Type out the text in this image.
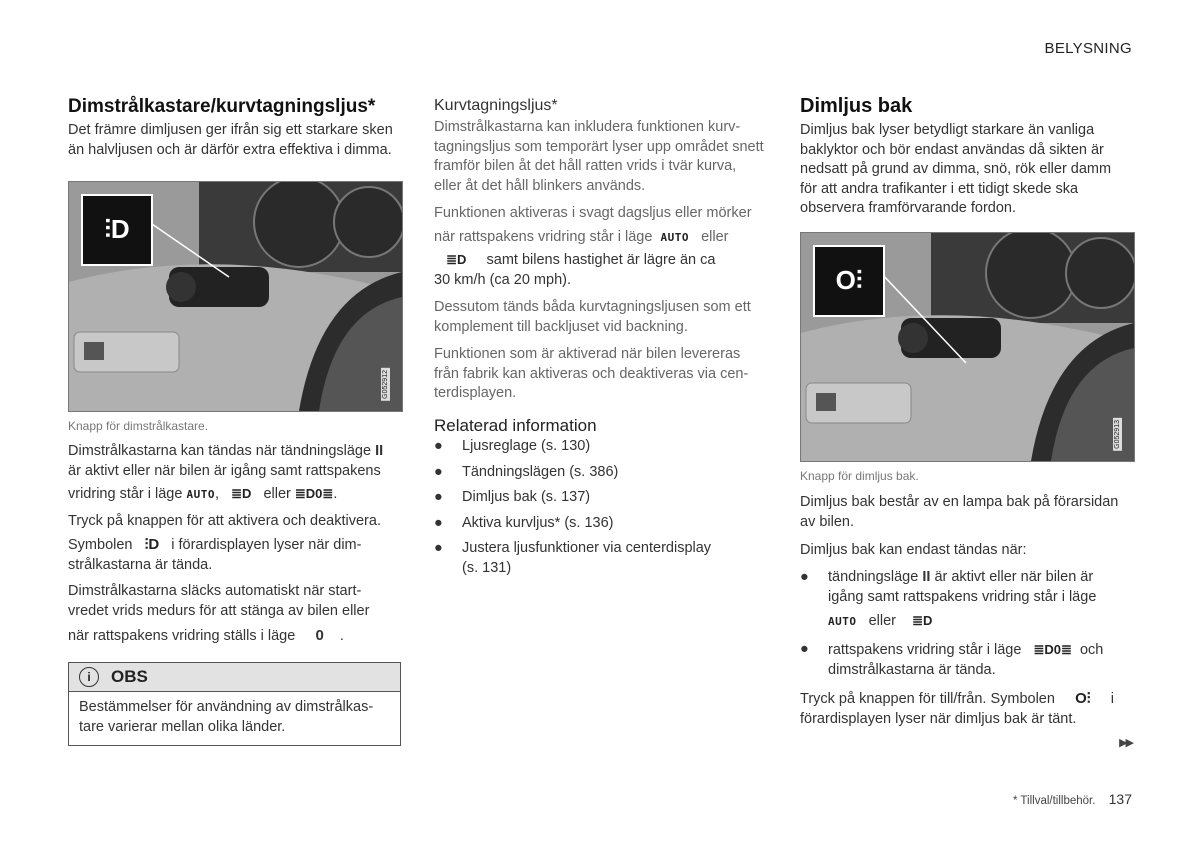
BELYSNING
Dimstrålkastare/kurvtagningsljus*

Det främre dimljusen ger ifrån sig ett starkare sken än halvljusen och är därför extra effektiva i dimma.

⫶D
G052912
Knapp för dimstrålkastare.

Dimstrålkastarna kan tändas när tändningsläge II
är aktivt eller när bilen är igång samt rattspakens

vridring står i läge AUTO, ≣D eller ≣D0≣.

Tryck på knappen för att aktivera och deaktivera.

Symbolen ⫶D i förardisplayen lyser när dim-
strålkastarna är tända.

Dimstrålkastarna släcks automatiskt när start-
vredet vrids medurs för att stänga av bilen eller

när rattspakens vridring ställs i läge 0 .

i	OBS
Bestämmelser för användning av dimstrålkas-tare varierar mellan olika länder.
Kurvtagningsljus*

Dimstrålkastarna kan inkludera funktionen kurv-tagningsljus som temporärt lyser upp området snett framför bilen åt det håll ratten vrids i tvär kurva, eller åt det håll blinkers används.

Funktionen aktiveras i svagt dagsljus eller mörker

när rattspakens vridring står i läge AUTO eller

≣D samt bilens hastighet är lägre än ca
30 km/h (ca 20 mph).

Dessutom tänds båda kurvtagningsljusen som ett komplement till backljuset vid backning.

Funktionen som är aktiverad när bilen levereras från fabrik kan aktiveras och deaktiveras via cen-terdisplayen.

Relaterad information
●	Ljusreglage (s. 130)
●	Tändningslägen (s. 386)
●	Dimljus bak (s. 137)
●	Aktiva kurvljus* (s. 136)
●	Justera ljusfunktioner via centerdisplay (s. 131)
Dimljus bak

Dimljus bak lyser betydligt starkare än vanliga baklyktor och bör endast användas då sikten är nedsatt på grund av dimma, snö, rök eller damm för att andra trafikanter i ett tidigt skede ska observera framförvarande fordon.

O⫶
G052913
Knapp för dimljus bak.

Dimljus bak består av en lampa bak på förarsidan av bilen.

Dimljus bak kan endast tändas när:

●	tändningsläge II är aktivt eller när bilen är igång samt rattspakens vridring står i läge

AUTO eller ≣D

●	rattspakens vridring står i läge ≣D0≣ och
dimstrålkastarna är tända.

Tryck på knappen för till/från. Symbolen O⫶ i
förardisplayen lyser när dimljus bak är tänt.

▶▶
* Tillval/tillbehör. 137
